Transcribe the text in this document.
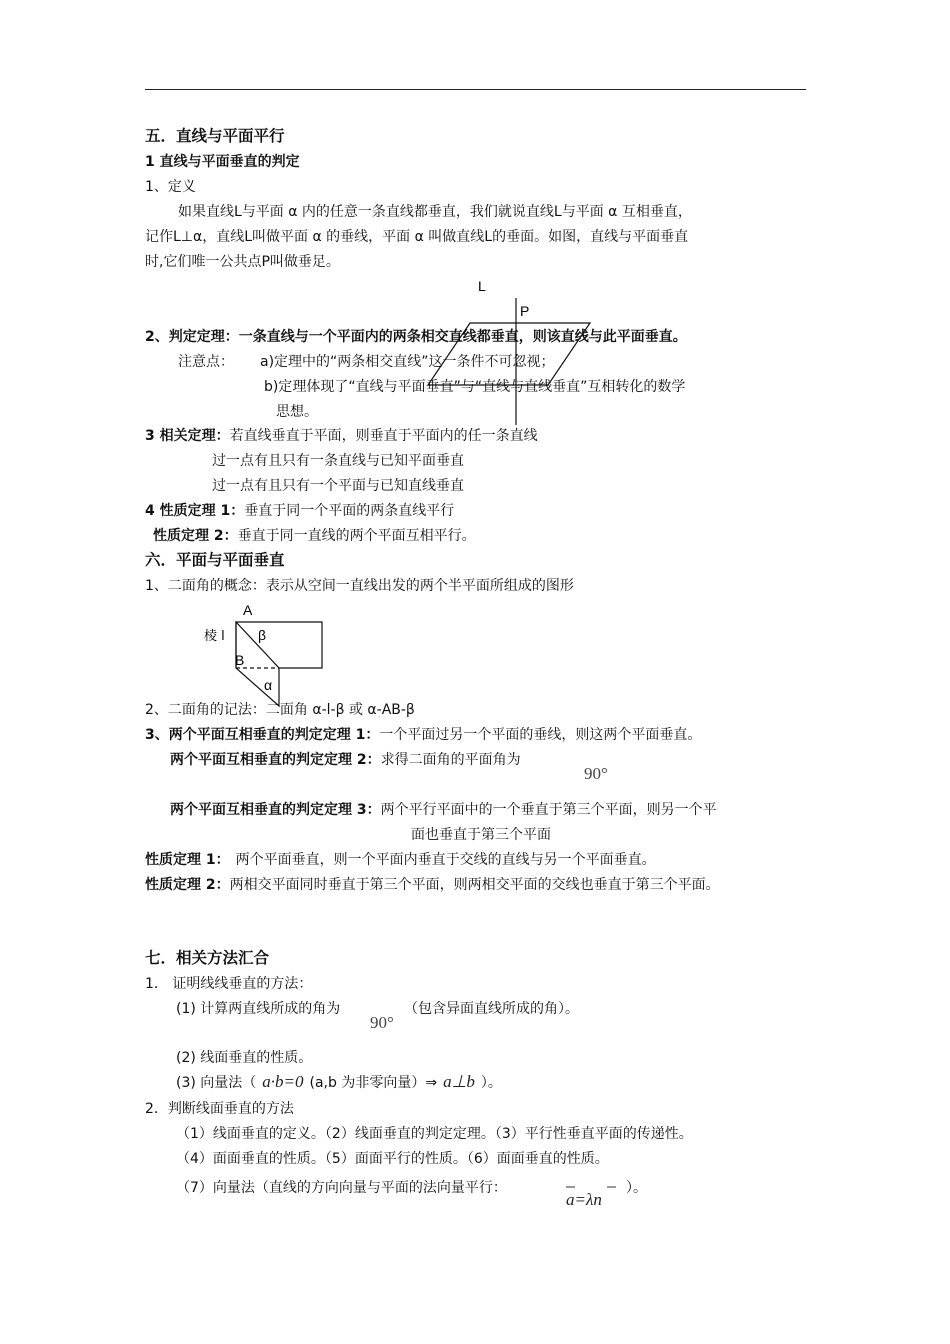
五．直线与平面平行
1 直线与平面垂直的判定
1、定义
如果直线L与平面 α 内的任意一条直线都垂直，我们就说直线L与平面 α 互相垂直，
记作L⊥α，直线L叫做平面 α 的垂线，平面 α 叫做直线L的垂面。如图，直线与平面垂直
时,它们唯一公共点P叫做垂足。
L
P
2、判定定理：一条直线与一个平面内的两条相交直线都垂直，则该直线与此平面垂直。
注意点： a)定理中的“两条相交直线”这一条件不可忽视；
b)定理体现了“直线与平面垂直”与“直线与直线垂直”互相转化的数学
思想。
3 相关定理：若直线垂直于平面，则垂直于平面内的任一条直线
过一点有且只有一条直线与已知平面垂直
过一点有且只有一个平面与已知直线垂直
4 性质定理 1：垂直于同一个平面的两条直线平行
性质定理 2：垂直于同一直线的两个平面互相平行。
六．平面与平面垂直
1、二面角的概念：表示从空间一直线出发的两个半平面所组成的图形
A
棱 l β
B
α
2、二面角的记法：二面角 α-l-β 或 α-AB-β
3、两个平面互相垂直的判定定理 1：一个平面过另一个平面的垂线，则这两个平面垂直。
两个平面互相垂直的判定定理 2：求得二面角的平面角为
90°
两个平面互相垂直的判定定理 3：两个平行平面中的一个垂直于第三个平面，则另一个平
面也垂直于第三个平面
性质定理 1： 两个平面垂直，则一个平面内垂直于交线的直线与另一个平面垂直。
性质定理 2：两相交平面同时垂直于第三个平面，则两相交平面的交线也垂直于第三个平面。
七．相关方法汇合
1． 证明线线垂直的方法：
(1) 计算两直线所成的角为
90°
（包含异面直线所成的角）。
(2) 线面垂直的性质。
(3) 向量法（ a·b=0 (a,b 为非零向量）⇒ a⊥b ）。
2．判断线面垂直的方法
（1）线面垂直的定义。（2）线面垂直的判定定理。（3）平行性垂直平面的传递性。
（4）面面垂直的性质。（5）面面平行的性质。（6）面面垂直的性质。
（7）向量法（直线的方向向量与平面的法向量平行：
a=λn
）。
